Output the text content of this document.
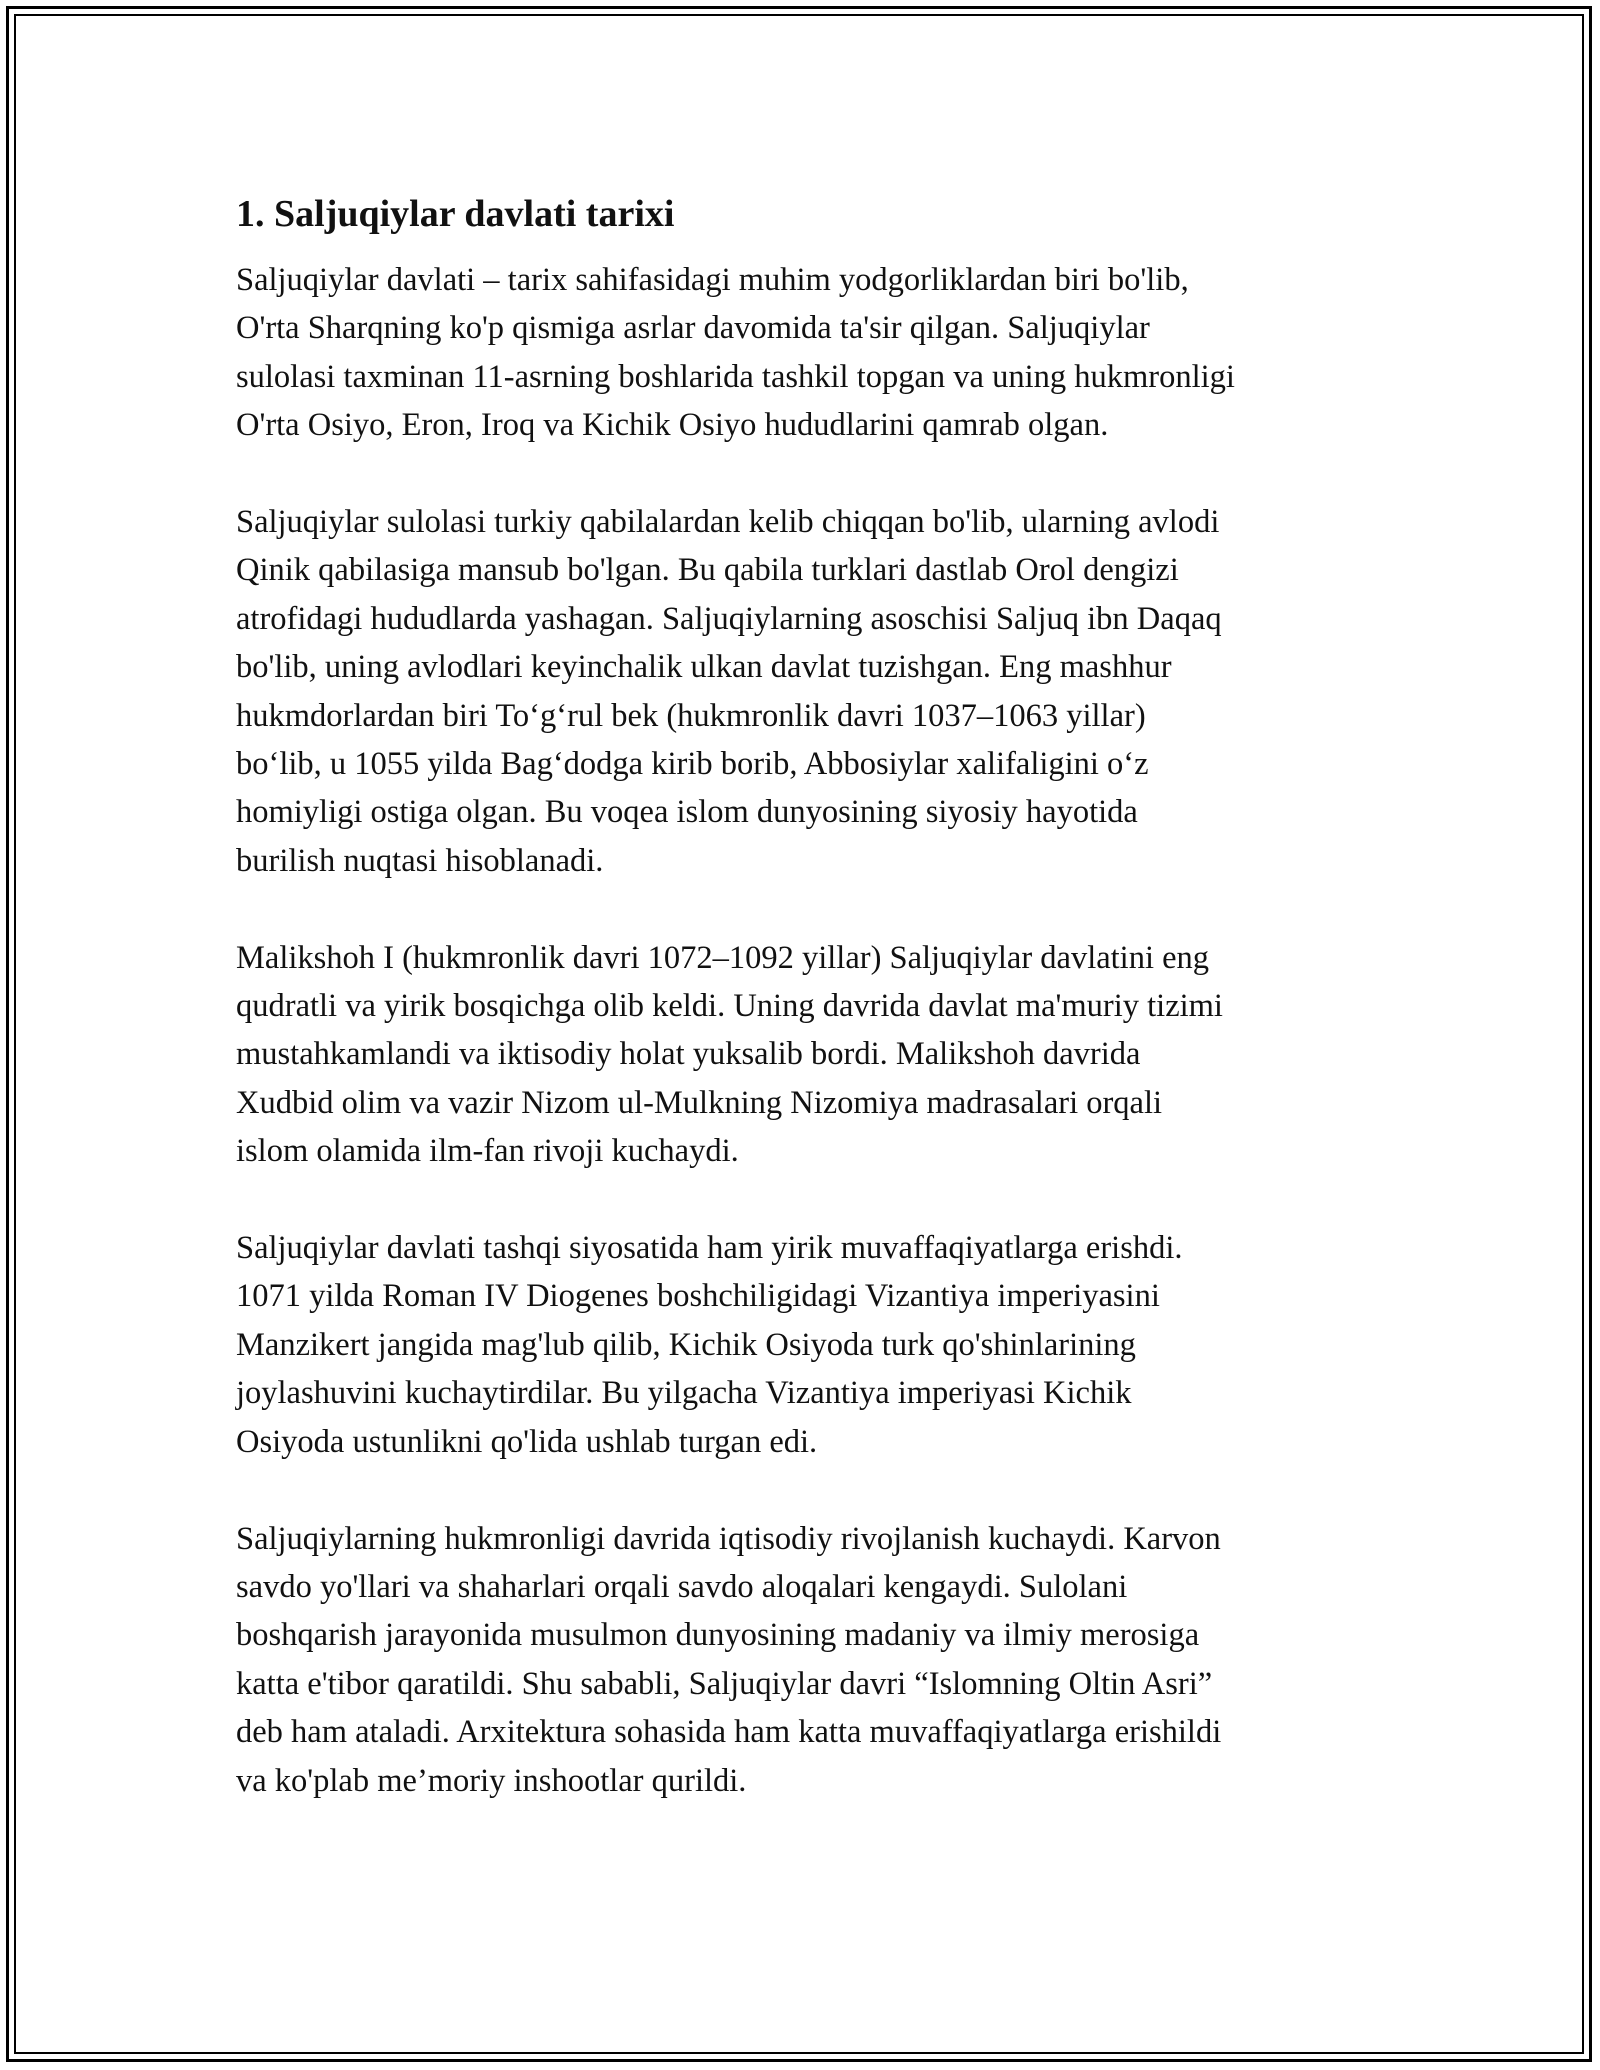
1. Saljuqiylar davlati tarixi

Saljuqiylar davlati – tarix sahifasidagi muhim yodgorliklardan biri bo'lib,
O'rta Sharqning ko'p qismiga asrlar davomida ta'sir qilgan. Saljuqiylar
sulolasi taxminan 11-asrning boshlarida tashkil topgan va uning hukmronligi
O'rta Osiyo, Eron, Iroq va Kichik Osiyo hududlarini qamrab olgan.

Saljuqiylar sulolasi turkiy qabilalardan kelib chiqqan bo'lib, ularning avlodi
Qinik qabilasiga mansub bo'lgan. Bu qabila turklari dastlab Orol dengizi
atrofidagi hududlarda yashagan. Saljuqiylarning asoschisi Saljuq ibn Daqaq
bo'lib, uning avlodlari keyinchalik ulkan davlat tuzishgan. Eng mashhur
hukmdorlardan biri To‘g‘rul bek (hukmronlik davri 1037–1063 yillar)
bo‘lib, u 1055 yilda Bag‘dodga kirib borib, Abbosiylar xalifaligini o‘z
homiyligi ostiga olgan. Bu voqea islom dunyosining siyosiy hayotida
burilish nuqtasi hisoblanadi.

Malikshoh I (hukmronlik davri 1072–1092 yillar) Saljuqiylar davlatini eng
qudratli va yirik bosqichga olib keldi. Uning davrida davlat ma'muriy tizimi
mustahkamlandi va iktisodiy holat yuksalib bordi. Malikshoh davrida
Xudbid olim va vazir Nizom ul-Mulkning Nizomiya madrasalari orqali
islom olamida ilm-fan rivoji kuchaydi.

Saljuqiylar davlati tashqi siyosatida ham yirik muvaffaqiyatlarga erishdi.
1071 yilda Roman IV Diogenes boshchiligidagi Vizantiya imperiyasini
Manzikert jangida mag'lub qilib, Kichik Osiyoda turk qo'shinlarining
joylashuvini kuchaytirdilar. Bu yilgacha Vizantiya imperiyasi Kichik
Osiyoda ustunlikni qo'lida ushlab turgan edi.

Saljuqiylarning hukmronligi davrida iqtisodiy rivojlanish kuchaydi. Karvon
savdo yo'llari va shaharlari orqali savdo aloqalari kengaydi. Sulolani
boshqarish jarayonida musulmon dunyosining madaniy va ilmiy merosiga
katta e'tibor qaratildi. Shu sababli, Saljuqiylar davri “Islomning Oltin Asri”
deb ham ataladi. Arxitektura sohasida ham katta muvaffaqiyatlarga erishildi
va ko'plab me’moriy inshootlar qurildi.
